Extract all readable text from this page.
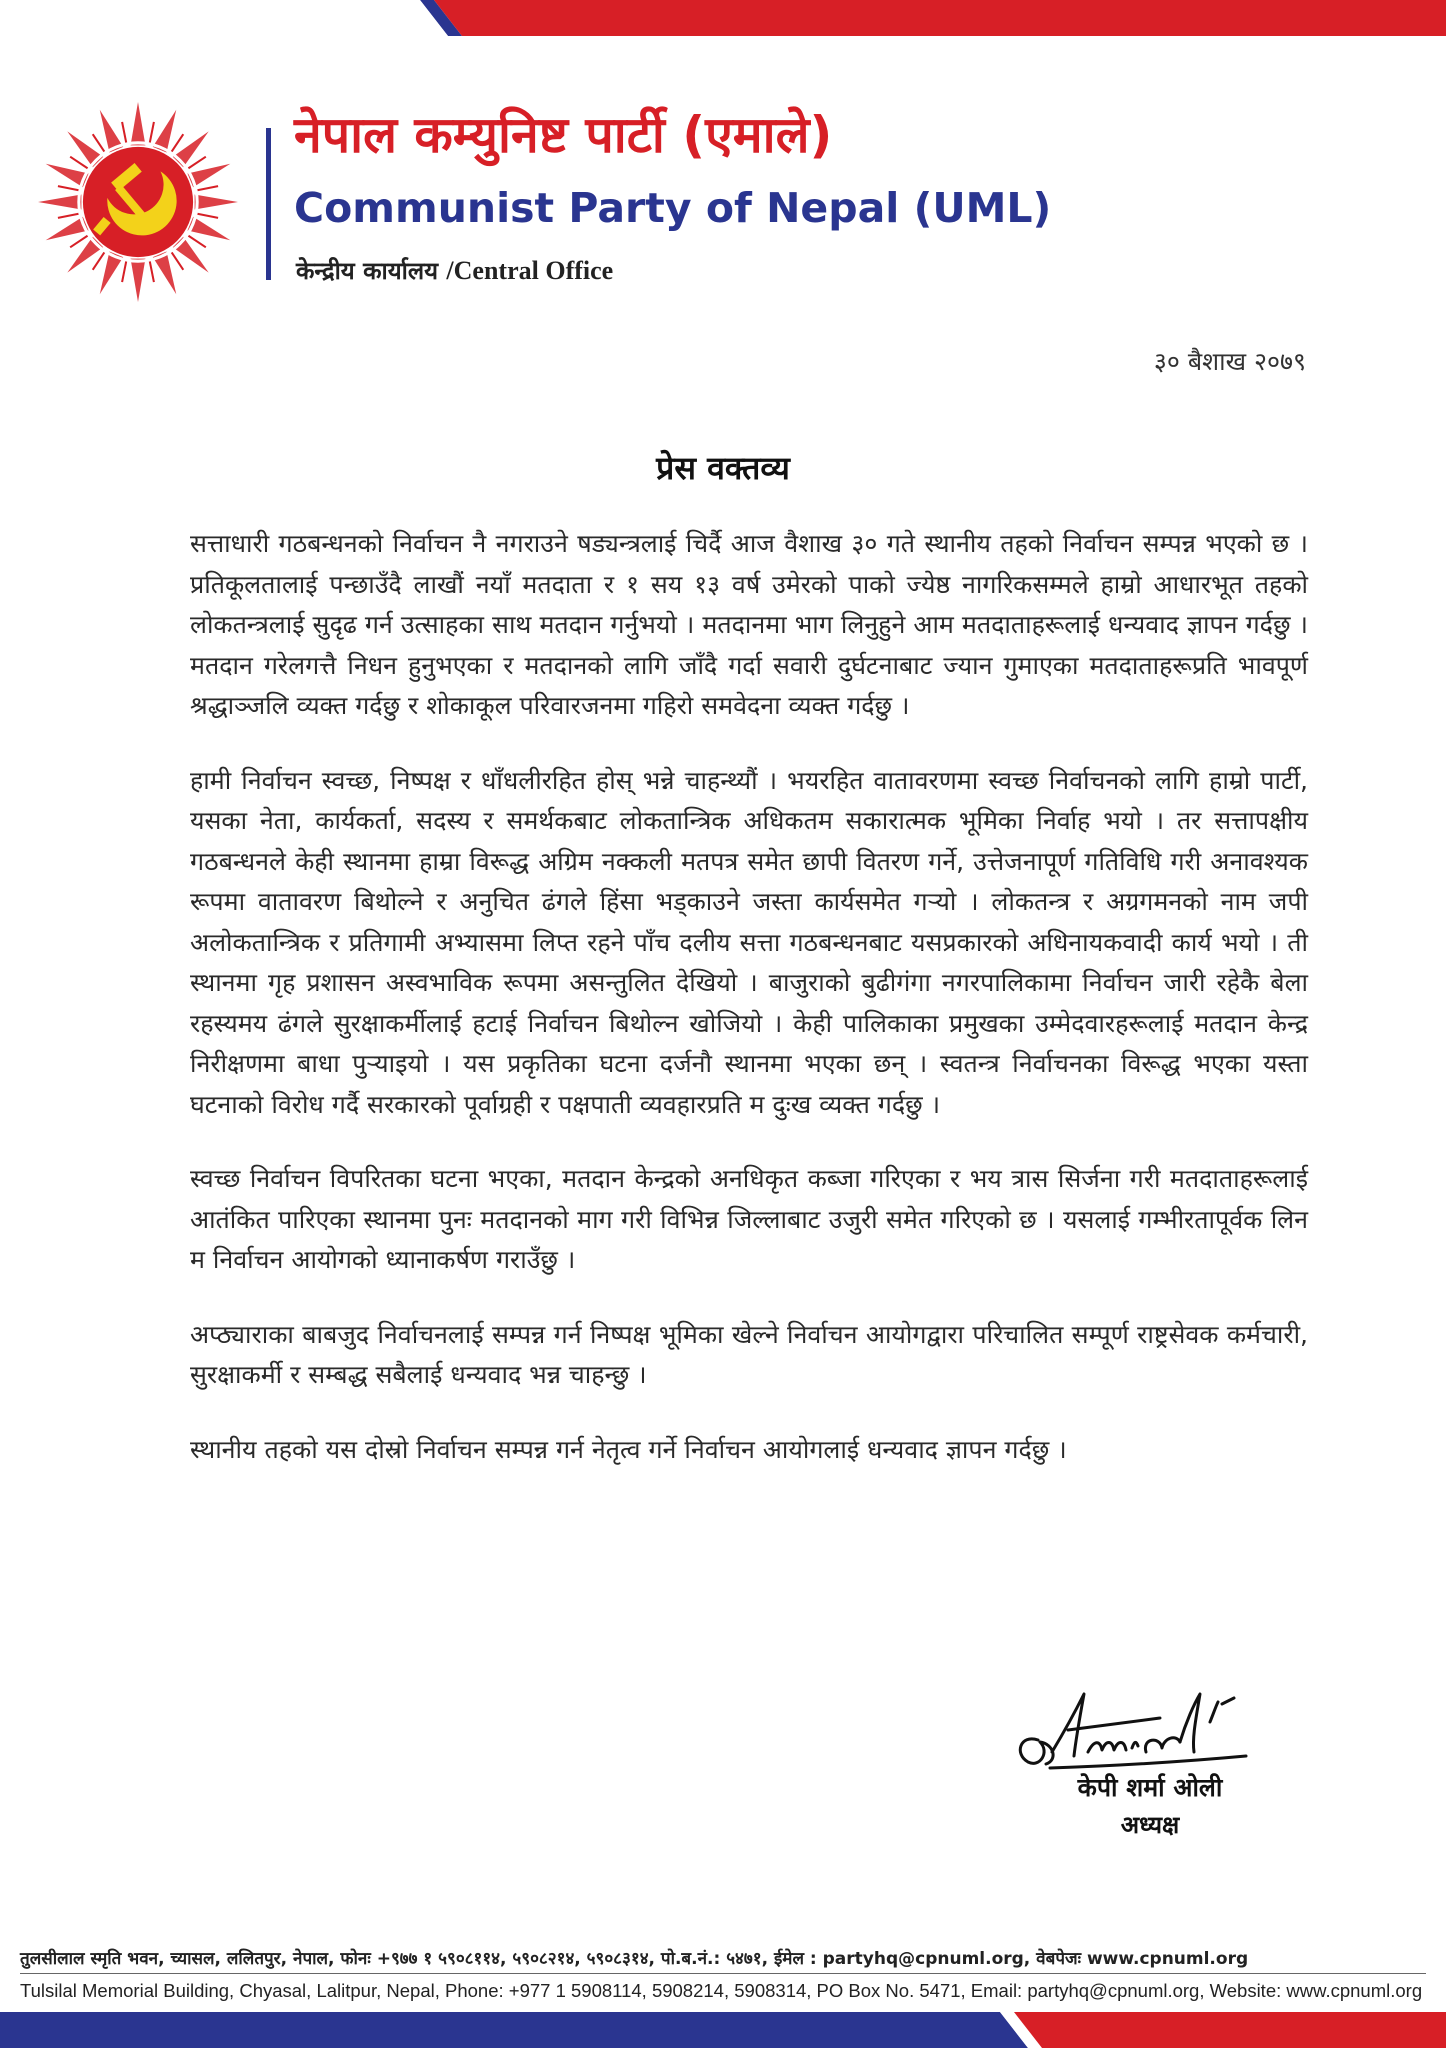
नेपाल कम्युनिष्ट पार्टी (एमाले)
Communist Party of Nepal (UML)
केन्द्रीय कार्यालय /Central Office
३० बैशाख २०७९
प्रेस वक्तव्य

सत्ताधारी गठबन्धनको निर्वाचन नै नगराउने षड्यन्त्रलाई चिर्दै आज वैशाख ३० गते स्थानीय तहको निर्वाचन सम्पन्न भएको छ । प्रतिकूलतालाई पन्छाउँदै लाखौं नयाँ मतदाता र १ सय १३ वर्ष उमेरको पाको ज्येष्ठ नागरिकसम्मले हाम्रो आधारभूत तहको लोकतन्त्रलाई सुदृढ गर्न उत्साहका साथ मतदान गर्नुभयो । मतदानमा भाग लिनुहुने आम मतदाताहरूलाई धन्यवाद ज्ञापन गर्दछु । मतदान गरेलगत्तै निधन हुनुभएका र मतदानको लागि जाँदै गर्दा सवारी दुर्घटनाबाट ज्यान गुमाएका मतदाताहरूप्रति भावपूर्ण श्रद्धाञ्जलि व्यक्त गर्दछु र शोकाकूल परिवारजनमा गहिरो समवेदना व्यक्त गर्दछु ।

हामी निर्वाचन स्वच्छ, निष्पक्ष र धाँधलीरहित होस् भन्ने चाहन्थ्यौं । भयरहित वातावरणमा स्वच्छ निर्वाचनको लागि हाम्रो पार्टी, यसका नेता, कार्यकर्ता, सदस्य र समर्थकबाट लोकतान्त्रिक अधिकतम सकारात्मक भूमिका निर्वाह भयो । तर सत्तापक्षीय गठबन्धनले केही स्थानमा हाम्रा विरूद्ध अग्रिम नक्कली मतपत्र समेत छापी वितरण गर्ने, उत्तेजनापूर्ण गतिविधि गरी अनावश्यक रूपमा वातावरण बिथोल्ने र अनुचित ढंगले हिंसा भड्काउने जस्ता कार्यसमेत गऱ्यो । लोकतन्त्र र अग्रगमनको नाम जपी अलोकतान्त्रिक र प्रतिगामी अभ्यासमा लिप्त रहने पाँच दलीय सत्ता गठबन्धनबाट यसप्रकारको अधिनायकवादी कार्य भयो । ती स्थानमा गृह प्रशासन अस्वभाविक रूपमा असन्तुलित देखियो । बाजुराको बुढीगंगा नगरपालिकामा निर्वाचन जारी रहेकै बेला रहस्यमय ढंगले सुरक्षाकर्मीलाई हटाई निर्वाचन बिथोल्न खोजियो । केही पालिकाका प्रमुखका उम्मेदवारहरूलाई मतदान केन्द्र निरीक्षणमा बाधा पुऱ्याइयो । यस प्रकृतिका घटना दर्जनौ स्थानमा भएका छन् । स्वतन्त्र निर्वाचनका विरूद्ध भएका यस्ता घटनाको विरोध गर्दै सरकारको पूर्वाग्रही र पक्षपाती व्यवहारप्रति म दुःख व्यक्त गर्दछु ।

स्वच्छ निर्वाचन विपरितका घटना भएका, मतदान केन्द्रको अनधिकृत कब्जा गरिएका र भय त्रास सिर्जना गरी मतदाताहरूलाई आतंकित पारिएका स्थानमा पुनः मतदानको माग गरी विभिन्न जिल्लाबाट उजुरी समेत गरिएको छ । यसलाई गम्भीरतापूर्वक लिन म निर्वाचन आयोगको ध्यानाकर्षण गराउँछु ।

अप्ठ्याराका बाबजुद निर्वाचनलाई सम्पन्न गर्न निष्पक्ष भूमिका खेल्ने निर्वाचन आयोगद्वारा परिचालित सम्पूर्ण राष्ट्रसेवक कर्मचारी, सुरक्षाकर्मी र सम्बद्ध सबैलाई धन्यवाद भन्न चाहन्छु ।

स्थानीय तहको यस दोस्रो निर्वाचन सम्पन्न गर्न नेतृत्व गर्ने निर्वाचन आयोगलाई धन्यवाद ज्ञापन गर्दछु ।

केपी शर्मा ओली
अध्यक्ष
तुलसीलाल स्मृति भवन, च्यासल, ललितपुर, नेपाल, फोनः +९७७ १ ५९०८११४, ५९०८२१४, ५९०८३१४, पो.ब.नं.: ५४७१, ईमेल : partyhq@cpnuml.org, वेबपेजः www.cpnuml.org
Tulsilal Memorial Building, Chyasal, Lalitpur, Nepal, Phone: +977 1 5908114, 5908214, 5908314, PO Box No. 5471, Email: partyhq@cpnuml.org, Website: www.cpnuml.org
